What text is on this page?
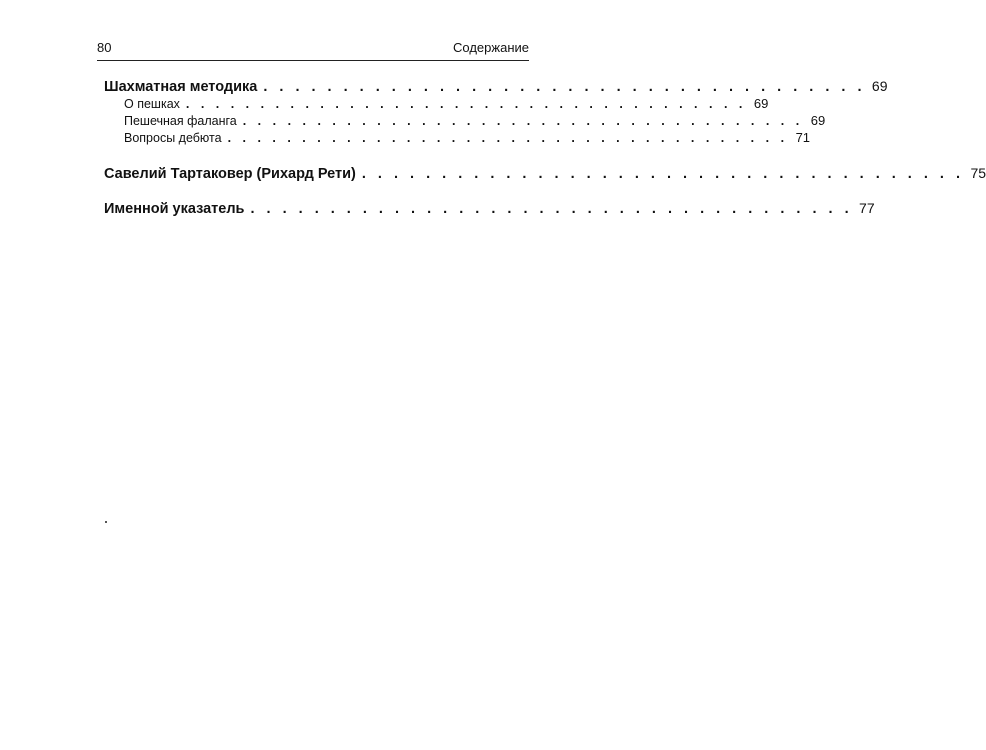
80	Содержание
Шахматная методика . . . . . . . . . . . . . . . . . . . . . . . . . . . . . . . . . . . . . . 69
О пешках . . . . . . . . . . . . . . . . . . . . . . . . . . . . . . . . . . . . . . 69
Пешечная фаланга . . . . . . . . . . . . . . . . . . . . . . . . . . . . . . . . . . . . . . 69
Вопросы дебюта . . . . . . . . . . . . . . . . . . . . . . . . . . . . . . . . . . . . . . 71
Савелий Тартаковер (Рихард Рети) . . . . . . . . . . . . . . . . . . . . . . . . . . . . . . . . . . . . . . 75
Именной указатель . . . . . . . . . . . . . . . . . . . . . . . . . . . . . . . . . . . . . . 77
